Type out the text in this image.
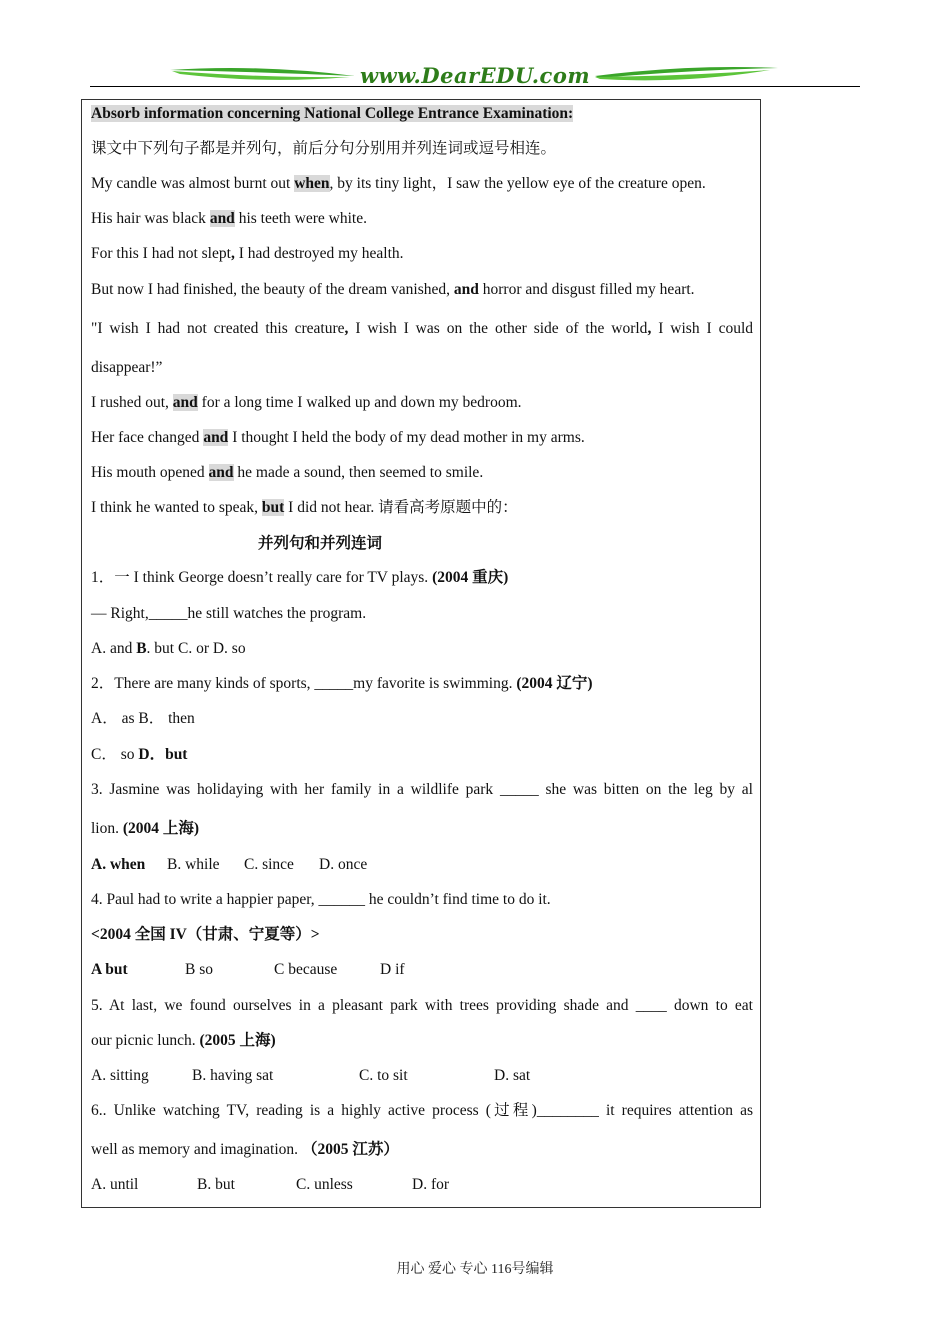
www.DearEDU.com
Absorb information concerning National College Entrance Examination:
课文中下列句子都是并列句，前后分句分别用并列连词或逗号相连。
My candle was almost burnt out when, by its tiny light，I saw the yellow eye of the creature open.
His hair was black and his teeth were white.
For this I had not slept, I had destroyed my health.
But now I had finished, the beauty of the dream vanished, and horror and disgust filled my heart.
"I wish I had not created this creature, I wish I was on the other side of the world, I wish I could
disappear!”
I rushed out, and for a long time I walked up and down my bedroom.
Her face changed and I thought I held the body of my dead mother in my arms.
His mouth opened and he made a sound, then seemed to smile.
I think he wanted to speak, but I did not hear. 请看高考原题中的：
并列句和并列连词
1．一 I think George doesn’t really care for TV plays. (2004 重庆)
— Right,_____he still watches the program.
A. and B. but C. or D. so
2．There are many kinds of sports, _____my favorite is swimming. (2004 辽宁)
A． as B． then
C． so D．but
3. Jasmine was holidaying with her family in a wildlife park _____ she was bitten on the leg by al
lion. (2004 上海)
A. when B. while C. since D. once
4. Paul had to write a happier paper, ______ he couldn’t find time to do it.
<2004 全国 IV（甘肃、宁夏等）>
A but	B so	C because	D if
5. At last, we found ourselves in a pleasant park with trees providing shade and ____ down to eat
our picnic lunch. (2005 上海)
A. sitting	B. having sat	C. to sit	D. sat
6.. Unlike watching TV, reading is a highly active process (过程)________ it requires attention as
well as memory and imagination. （2005 江苏）
A. until	B. but	C. unless	D. for
用心 爱心 专心 116号编辑
